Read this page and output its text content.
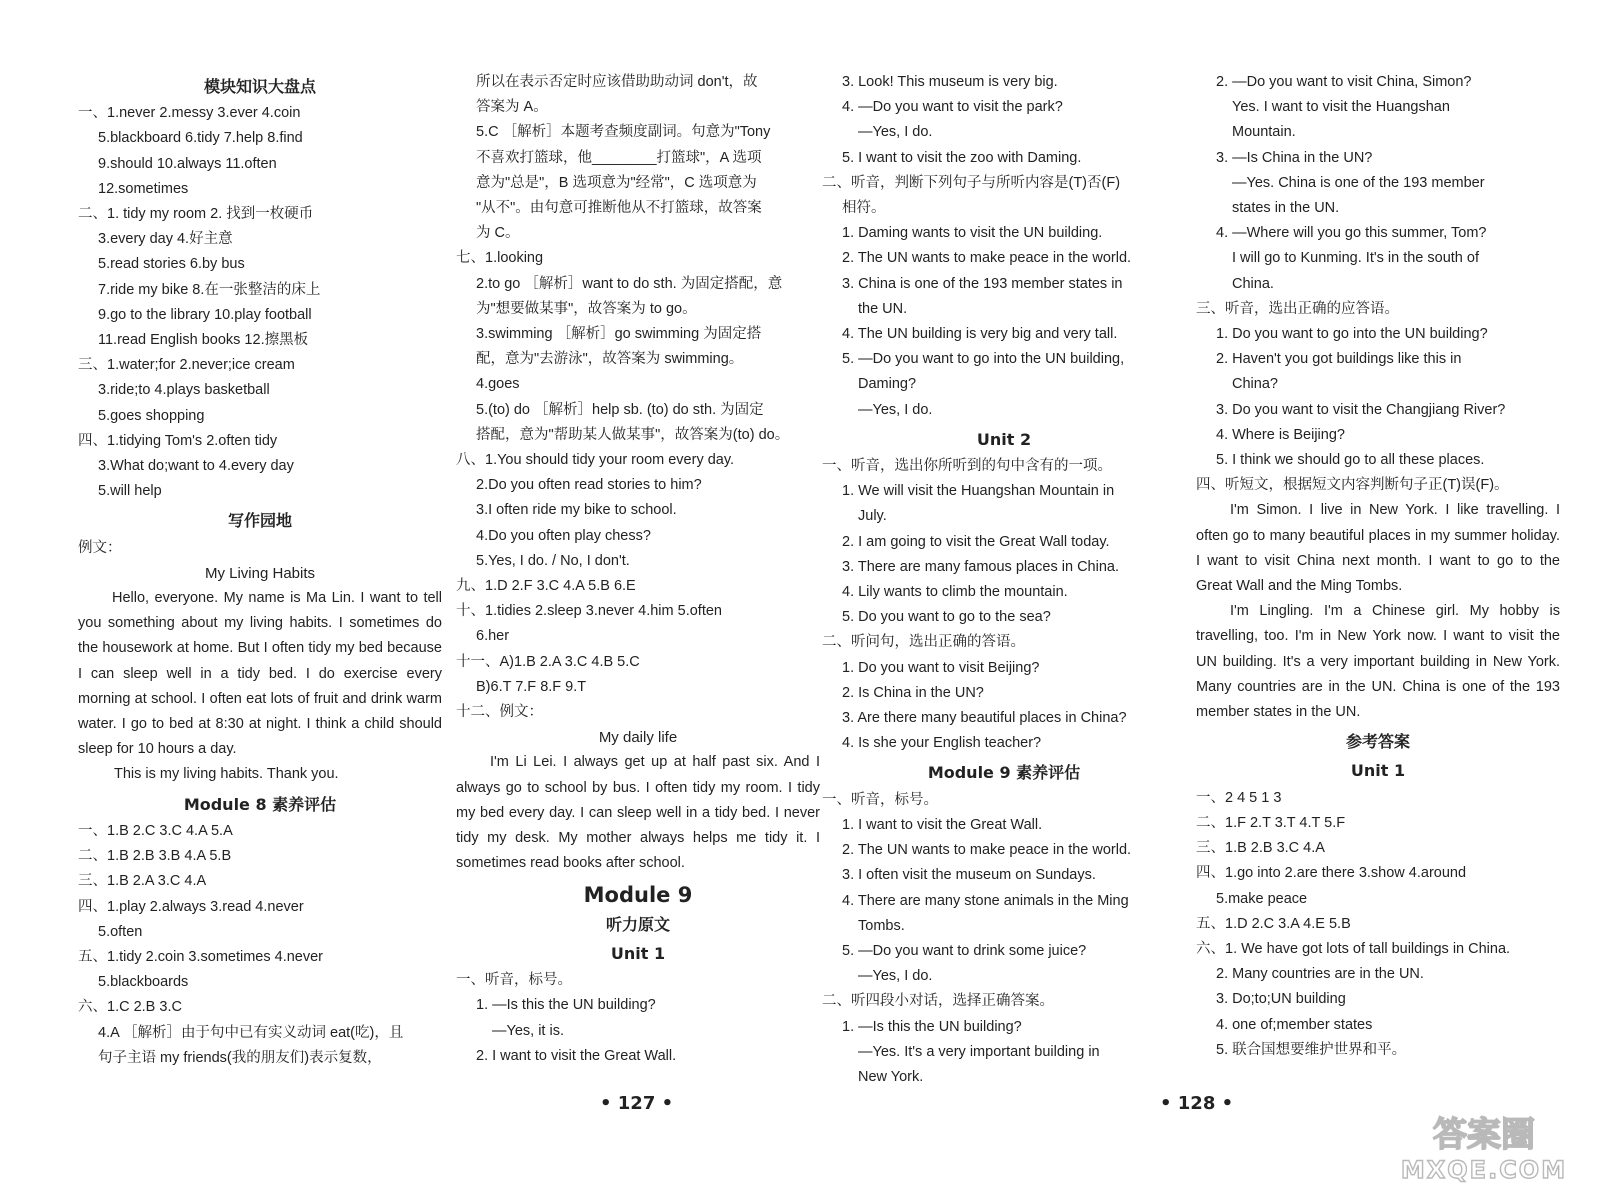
模块知识大盘点
一、1.never 2.messy 3.ever 4.coin
5.blackboard 6.tidy 7.help 8.find
9.should 10.always 11.often
12.sometimes
二、1. tidy my room 2. 找到一枚硬币
3.every day 4.好主意
5.read stories 6.by bus
7.ride my bike 8.在一张整洁的床上
9.go to the library 10.play football
11.read English books 12.擦黑板
三、1.water;for 2.never;ice cream
3.ride;to 4.plays basketball
5.goes shopping
四、1.tidying Tom's 2.often tidy
3.What do;want to 4.every day
5.will help
写作园地
例文：
My Living Habits
Hello, everyone. My name is Ma Lin. I want to tell you something about my living habits. I sometimes do the housework at home. But I often tidy my bed because I can sleep well in a tidy bed. I do exercise every morning at school. I often eat lots of fruit and drink warm water. I go to bed at 8:30 at night. I think a child should sleep for 10 hours a day.
This is my living habits. Thank you.
Module 8 素养评估
一、1.B 2.C 3.C 4.A 5.A
二、1.B 2.B 3.B 4.A 5.B
三、1.B 2.A 3.C 4.A
四、1.play 2.always 3.read 4.never
5.often
五、1.tidy 2.coin 3.sometimes 4.never
5.blackboards
六、1.C 2.B 3.C
4.A ［解析］由于句中已有实义动词 eat(吃)，且
句子主语 my friends(我的朋友们)表示复数，
所以在表示否定时应该借助助动词 don't，故
答案为 A。
5.C ［解析］本题考查频度副词。句意为"Tony
不喜欢打篮球，他________打篮球"，A 选项
意为"总是"，B 选项意为"经常"，C 选项意为
"从不"。由句意可推断他从不打篮球，故答案
为 C。
七、1.looking
2.to go ［解析］want to do sth. 为固定搭配，意
为"想要做某事"，故答案为 to go。
3.swimming ［解析］go swimming 为固定搭
配，意为"去游泳"，故答案为 swimming。
4.goes
5.(to) do ［解析］help sb. (to) do sth. 为固定
搭配，意为"帮助某人做某事"，故答案为(to) do。
八、1.You should tidy your room every day.
2.Do you often read stories to him?
3.I often ride my bike to school.
4.Do you often play chess?
5.Yes, I do. / No, I don't.
九、1.D 2.F 3.C 4.A 5.B 6.E
十、1.tidies 2.sleep 3.never 4.him 5.often
6.her
十一、A)1.B 2.A 3.C 4.B 5.C
B)6.T 7.F 8.F 9.T
十二、例文：
My daily life
I'm Li Lei. I always get up at half past six. And I always go to school by bus. I often tidy my room. I tidy my bed every day. I can sleep well in a tidy bed. I never tidy my desk. My mother always helps me tidy it. I sometimes read books after school.
Module 9
听力原文
Unit 1
一、听音，标号。
1. —Is this the UN building?
—Yes, it is.
2. I want to visit the Great Wall.
3. Look! This museum is very big.
4. —Do you want to visit the park?
—Yes, I do.
5. I want to visit the zoo with Daming.
二、听音，判断下列句子与所听内容是(T)否(F)
相符。
1. Daming wants to visit the UN building.
2. The UN wants to make peace in the world.
3. China is one of the 193 member states in
the UN.
4. The UN building is very big and very tall.
5. —Do you want to go into the UN building,
Daming?
—Yes, I do.
Unit 2
一、听音，选出你所听到的句中含有的一项。
1. We will visit the Huangshan Mountain in
July.
2. I am going to visit the Great Wall today.
3. There are many famous places in China.
4. Lily wants to climb the mountain.
5. Do you want to go to the sea?
二、听问句，选出正确的答语。
1. Do you want to visit Beijing?
2. Is China in the UN?
3. Are there many beautiful places in China?
4. Is she your English teacher?
Module 9 素养评估
一、听音，标号。
1. I want to visit the Great Wall.
2. The UN wants to make peace in the world.
3. I often visit the museum on Sundays.
4. There are many stone animals in the Ming
Tombs.
5. —Do you want to drink some juice?
—Yes, I do.
二、听四段小对话，选择正确答案。
1. —Is this the UN building?
—Yes. It's a very important building in
New York.
2. —Do you want to visit China, Simon?
Yes. I want to visit the Huangshan
Mountain.
3. —Is China in the UN?
—Yes. China is one of the 193 member
states in the UN.
4. —Where will you go this summer, Tom?
I will go to Kunming. It's in the south of
China.
三、听音，选出正确的应答语。
1. Do you want to go into the UN building?
2. Haven't you got buildings like this in
China?
3. Do you want to visit the Changjiang River?
4. Where is Beijing?
5. I think we should go to all these places.
四、听短文，根据短文内容判断句子正(T)误(F)。
I'm Simon. I live in New York. I like travelling. I often go to many beautiful places in my summer holiday. I want to visit China next month. I want to go to the Great Wall and the Ming Tombs.
I'm Lingling. I'm a Chinese girl. My hobby is travelling, too. I'm in New York now. I want to visit the UN building. It's a very important building in New York. Many countries are in the UN. China is one of the 193 member states in the UN.
参考答案
Unit 1
一、2 4 5 1 3
二、1.F 2.T 3.T 4.T 5.F
三、1.B 2.B 3.C 4.A
四、1.go into 2.are there 3.show 4.around
5.make peace
五、1.D 2.C 3.A 4.E 5.B
六、1. We have got lots of tall buildings in China.
2. Many countries are in the UN.
3. Do;to;UN building
4. one of;member states
5. 联合国想要维护世界和平。
• 127 •	• 128 •
答案圈
MXQE.COM
